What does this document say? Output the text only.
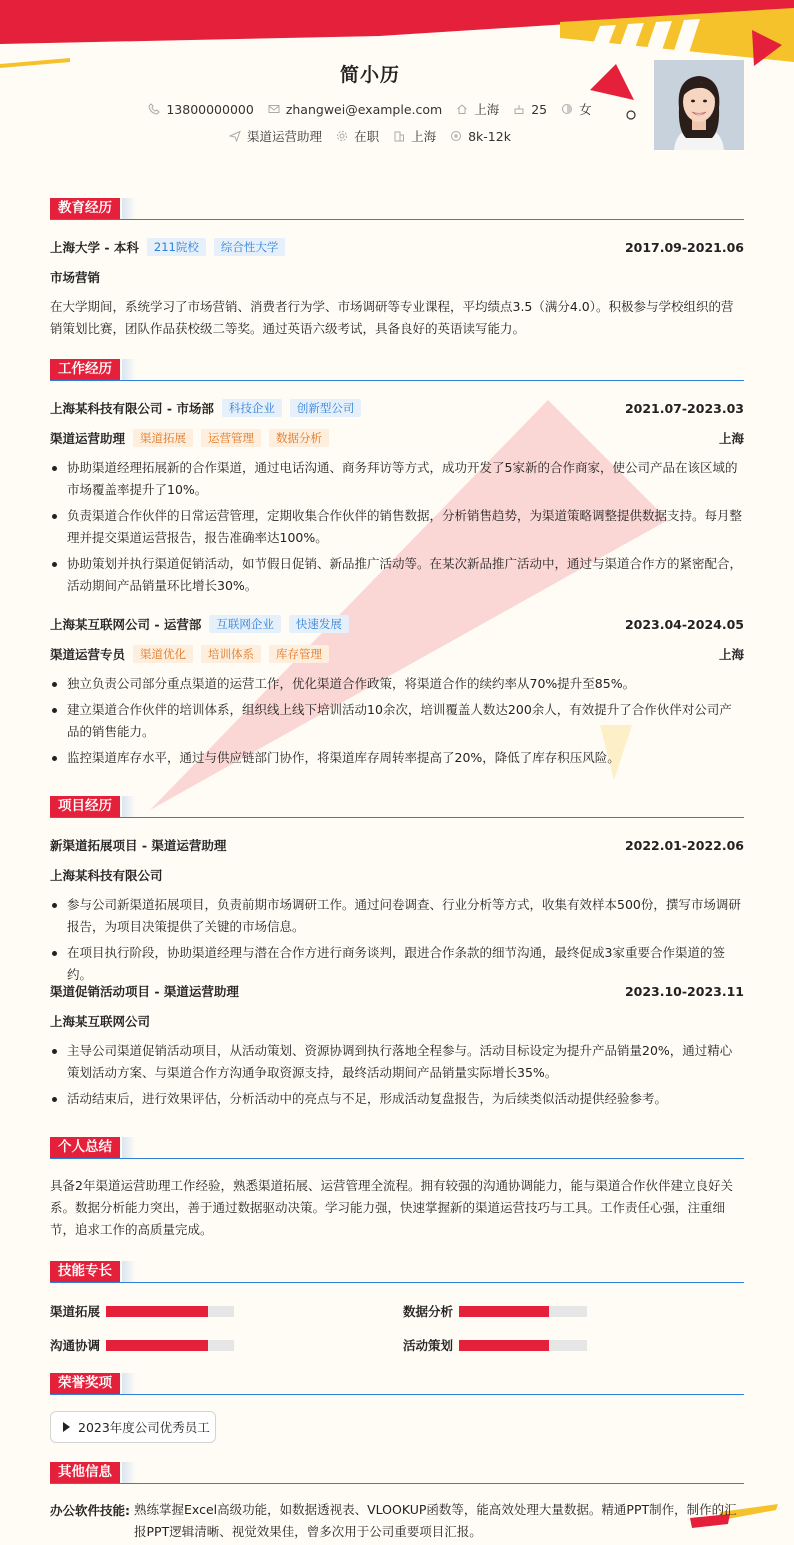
简小历
13800000000	zhangwei@example.com	上海	25	女
渠道运营助理	在职	上海	8k-12k
教育经历
上海大学 - 本科	211院校	综合性大学	2017.09-2021.06
市场营销
在大学期间，系统学习了市场营销、消费者行为学、市场调研等专业课程，平均绩点3.5（满分4.0）。积极参与学校组织的营销策划比赛，团队作品获校级二等奖。通过英语六级考试，具备良好的英语读写能力。
工作经历
上海某科技有限公司 - 市场部	科技企业	创新型公司	2021.07-2023.03
渠道运营助理	渠道拓展	运营管理	数据分析	上海
协助渠道经理拓展新的合作渠道，通过电话沟通、商务拜访等方式，成功开发了5家新的合作商家，使公司产品在该区域的市场覆盖率提升了10%。
负责渠道合作伙伴的日常运营管理，定期收集合作伙伴的销售数据，分析销售趋势，为渠道策略调整提供数据支持。每月整理并提交渠道运营报告，报告准确率达100%。
协助策划并执行渠道促销活动，如节假日促销、新品推广活动等。在某次新品推广活动中，通过与渠道合作方的紧密配合，活动期间产品销量环比增长30%。
上海某互联网公司 - 运营部	互联网企业	快速发展	2023.04-2024.05
渠道运营专员	渠道优化	培训体系	库存管理	上海
独立负责公司部分重点渠道的运营工作，优化渠道合作政策，将渠道合作的续约率从70%提升至85%。
建立渠道合作伙伴的培训体系，组织线上线下培训活动10余次，培训覆盖人数达200余人，有效提升了合作伙伴对公司产品的销售能力。
监控渠道库存水平，通过与供应链部门协作，将渠道库存周转率提高了20%，降低了库存积压风险。
项目经历
新渠道拓展项目 - 渠道运营助理	2022.01-2022.06
上海某科技有限公司
参与公司新渠道拓展项目，负责前期市场调研工作。通过问卷调查、行业分析等方式，收集有效样本500份，撰写市场调研报告，为项目决策提供了关键的市场信息。
在项目执行阶段，协助渠道经理与潜在合作方进行商务谈判，跟进合作条款的细节沟通，最终促成3家重要合作渠道的签约。
渠道促销活动项目 - 渠道运营助理	2023.10-2023.11
上海某互联网公司
主导公司渠道促销活动项目，从活动策划、资源协调到执行落地全程参与。活动目标设定为提升产品销量20%，通过精心策划活动方案、与渠道合作方沟通争取资源支持，最终活动期间产品销量实际增长35%。
活动结束后，进行效果评估，分析活动中的亮点与不足，形成活动复盘报告，为后续类似活动提供经验参考。
个人总结
具备2年渠道运营助理工作经验，熟悉渠道拓展、运营管理全流程。拥有较强的沟通协调能力，能与渠道合作伙伴建立良好关系。数据分析能力突出，善于通过数据驱动决策。学习能力强，快速掌握新的渠道运营技巧与工具。工作责任心强，注重细节，追求工作的高质量完成。
技能专长
渠道拓展	数据分析
沟通协调	活动策划
荣誉奖项
2023年度公司优秀员工
其他信息
办公软件技能: 熟练掌握Excel高级功能，如数据透视表、VLOOKUP函数等，能高效处理大量数据。精通PPT制作，制作的汇报PPT逻辑清晰、视觉效果佳，曾多次用于公司重要项目汇报。
